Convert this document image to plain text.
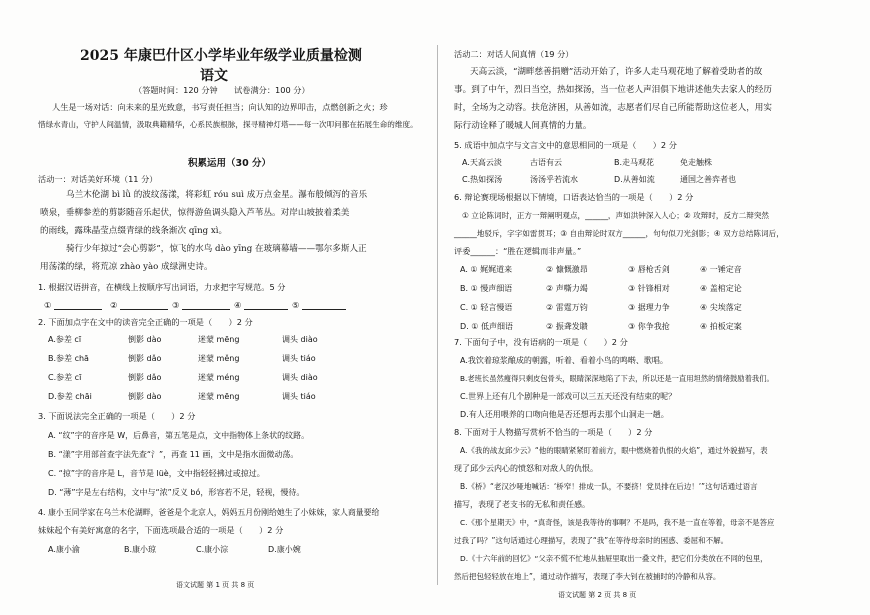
2025 年康巴什区小学毕业年级学业质量检测
语文
（答题时间：120 分钟　　试卷满分：100 分）
人生是一场对话：向未来的星光致意，书写责任担当；向认知的边界叩击，点燃创新之火；珍
惜绿水青山，守护人间温情，汲取典籍精华，心系民族根脉，探寻精神灯塔——每一次叩问都在拓展生命的维度。
积累运用（30 分）
活动一：对话美好环境（11 分）
乌兰木伦湖 bì lǜ 的波纹荡漾，将彩虹 róu suì 成万点金星。瀑布般倾泻的音乐
喷泉，垂柳参差的剪影随音乐起伏，惊得游鱼调头隐入芦苇丛。对岸山坡披着柔美
的雨线，露珠晶莹点缀青绿的线条渐次 qīng xì。
骑行少年掠过“会心剪影”，惊飞的水鸟 dào yīng 在玻璃幕墙——鄂尔多斯人正
用荡漾的绿，将荒凉 zhào yào 成绿洲史诗。
1. 根据汉语拼音，在横线上按顺序写出词语，力求把字写规范。5 分
①	②	③	④	⑤
2. 下面加点字在文中的读音完全正确的一项是（　　）2 分
A.参差 cī	倒影 dào	迷蒙 mēng	调头 diào
B.参差 chā	倒影 dǎo	迷蒙 měng	调头 tiáo
C.参差 cī	倒影 dǎo	迷蒙 méng	调头 diào
D.参差 chāi	倒影 dào	迷蒙 mēng	调头 tiáo
3. 下面说法完全正确的一项是（　　）2 分
A. “纹”字的音序是 W，后鼻音，第五笔是点，文中指物体上条状的纹路。
B. “漾”字用部首查字法先查“氵”，再查 11 画，文中是指水面微动荡。
C. “掠”字的音序是 L，音节是 lüè，文中指轻轻拂过或掠过。
D. “薄”字是左右结构，文中与“浓”反义 bó，形容若不足，轻视，慢待。
4. 康小玉同学家在乌兰木伦湖畔，爸爸是个北京人，妈妈五月份刚给她生了小妹妹，家人商量要给
妹妹起个有美好寓意的名字，下面选项最合适的一项是（　　）2 分
A.康小渝	B.康小琼	C.康小淙	D.康小婉
语文试题 第 1 页 共 8 页
活动二：对话人间真情（19 分）
天高云淡，“湖畔慈善捐赠”活动开始了，许多人走马观花地了解着受助者的故
事。到了中午，烈日当空，热如探汤，当一位老人声泪俱下地讲述他失去家人的经历
时，全场为之动容。扶危济困，从善如流，志愿者们尽自己所能帮助这位老人，用实
际行动诠释了暖城人间真情的力量。
5. 成语中加点字与文言文中的意思相同的一项是（　　）2 分
A.天高云淡	古语有云	B.走马观花	免走触株
C.热如探汤	汤汤乎若流水	D.从善如流	通国之善弈者也
6. 辩论赛现场根据以下情境，口语表达恰当的一项是（　　）2 分
① 立论陈词时，正方一辩阐明观点，______，声如洪钟深入人心；② 攻辩时，反方二辩突然
______地驳斥，字字如雷贯耳；③ 自由辩论时双方______，句句似刀光剑影；④ 双方总结陈词后，
评委______：“胜在逻辑而非声量。”
A. ① 娓娓道来	② 慷慨激昂	③ 唇枪舌剑	④ 一锤定音
B. ① 慢声细语	② 声嘶力竭	③ 针锋相对	④ 盖棺定论
C. ① 轻言慢语	② 雷霆万钧	③ 据理力争	④ 尖埃落定
D. ① 低声细语	② 振聋发聩	③ 你争我抢	④ 拍板定案
7. 下面句子中，没有语病的一项是（　　）2 分
A.我饮着琼浆酿成的朝露，听着、看着小鸟的鸣啭、歌唱。
B.老班长虽然瘦得只剩皮包骨头，眼睛深深地陷了下去，所以还是一直用坦然的情绪鼓励着我们。
C.世界上还有几个剧种是一部戏可以三五天还没有结束的呢？
D.有人还用喂养的口吻向他是否还想再去那个山洞走一趟。
8. 下面对于人物描写赏析不恰当的一项是（　　）2 分
A.《我的战友邱少云》“他的眼睛紧紧盯着前方，眼中燃烧着仇恨的火焰”，通过外貌描写，表
现了邱少云内心的愤怒和对敌人的仇恨。
B.《桥》“老汉沙哑地喊话：‘桥窄！排成一队，不要挤！党员排在后边！’”这句话通过语言
描写，表现了老支书的无私和责任感。
C.《那个星期天》中，“真奇怪，该是我等待的事啊？不是吗，我不是一直在等着，母亲不是答应
过我了吗？”这句话通过心理描写，表现了“我”在等待母亲时的困惑、委屈和不解。
D.《十六年前的回忆》“父亲不慌不忙地从抽屉里取出一叠文件，把它们分类放在不同的包里，
然后把包轻轻放在地上”，通过动作描写，表现了李大钊在被捕时的冷静和从容。
语文试题 第 2 页 共 8 页
